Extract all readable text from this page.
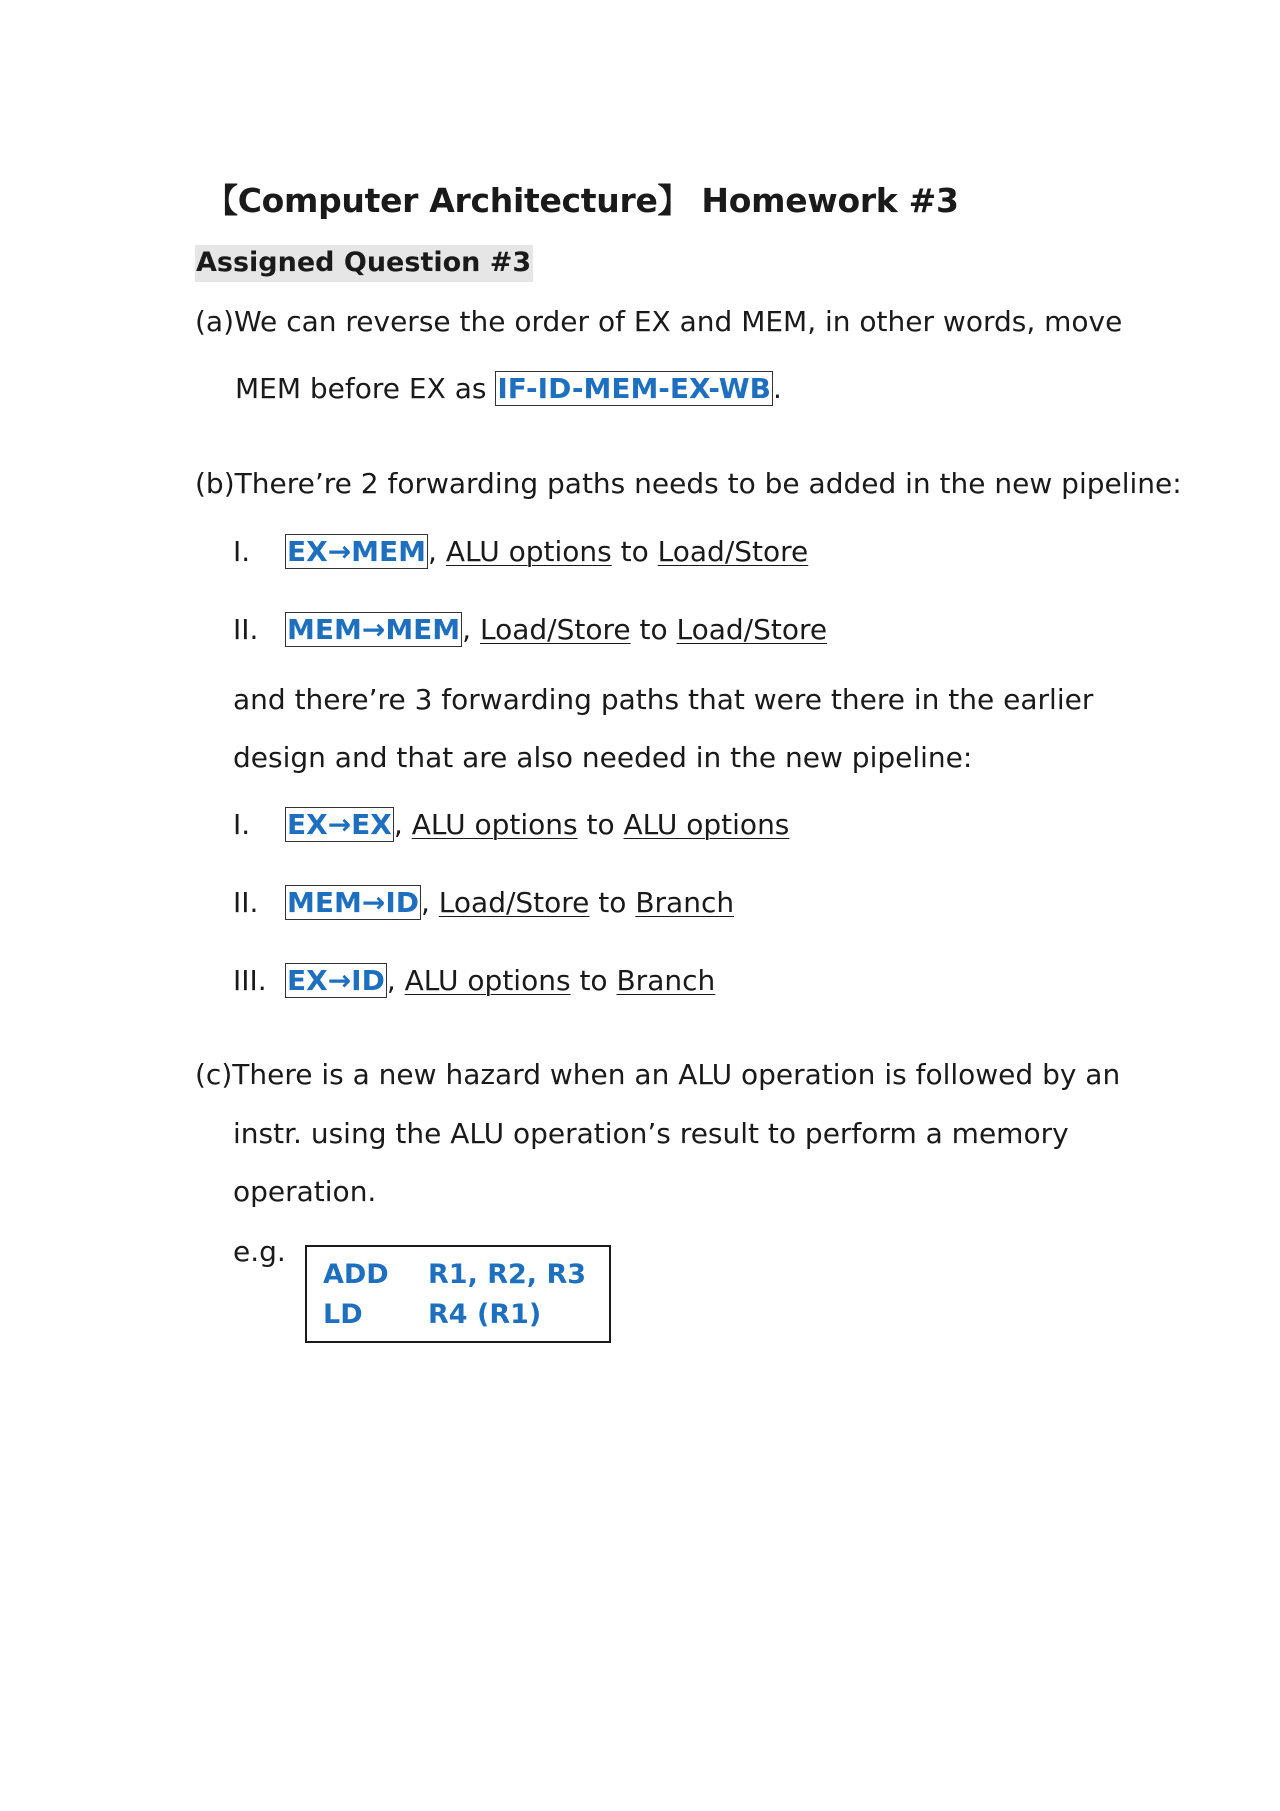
【Computer Architecture】 Homework #3
Assigned Question #3
(a)We can reverse the order of EX and MEM, in other words, move
MEM before EX as IF-ID-MEM-EX-WB.
(b)There’re 2 forwarding paths needs to be added in the new pipeline:
I. EX→MEM, ALU options to Load/Store
II. MEM→MEM, Load/Store to Load/Store
and there’re 3 forwarding paths that were there in the earlier
design and that are also needed in the new pipeline:
I. EX→EX, ALU options to ALU options
II. MEM→ID, Load/Store to Branch
III. EX→ID, ALU options to Branch
(c)There is a new hazard when an ALU operation is followed by an
instr. using the ALU operation’s result to perform a memory
operation.
e.g.
ADD R1, R2, R3
LD R4 (R1)
